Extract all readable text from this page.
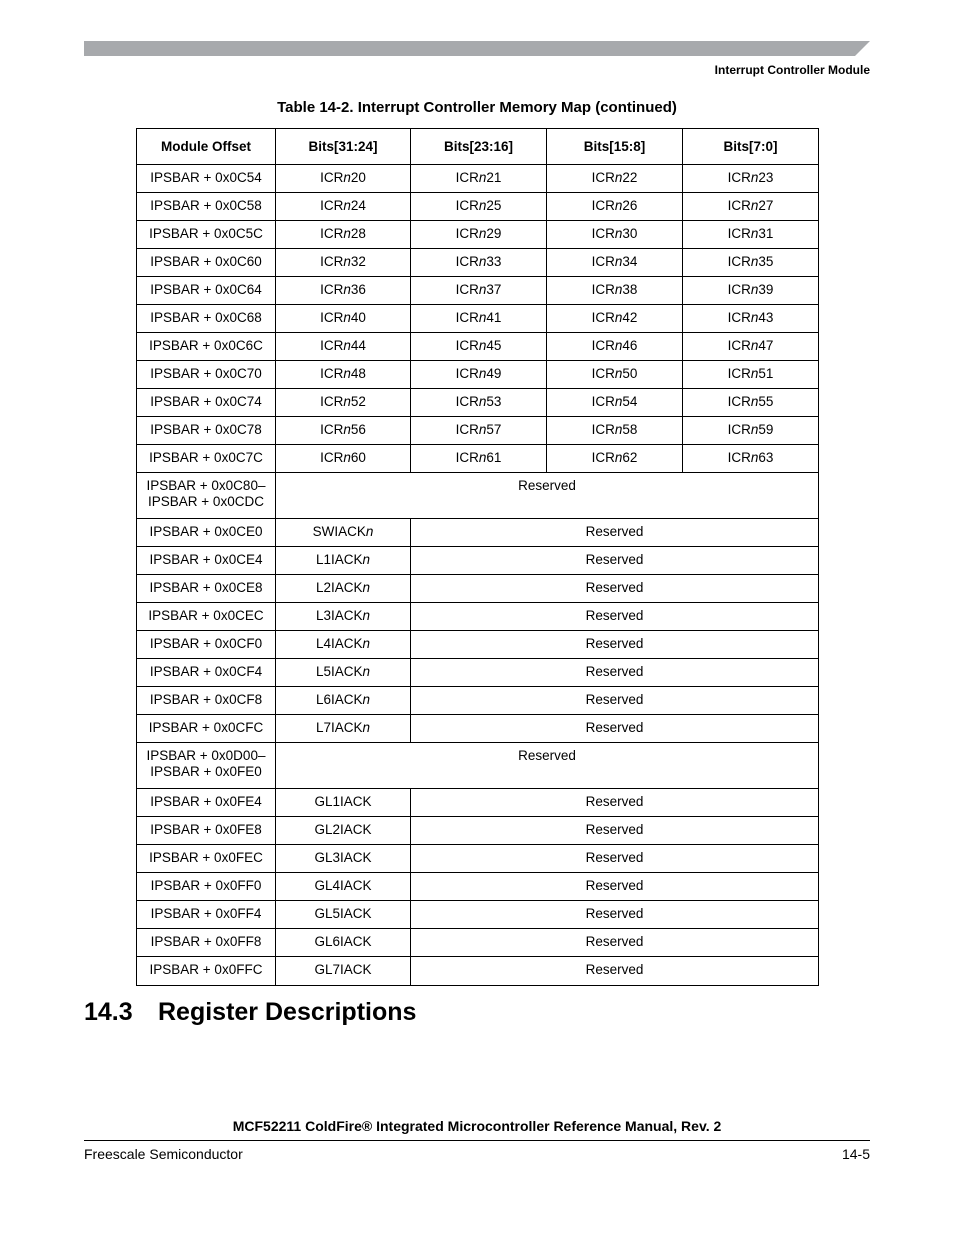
Interrupt Controller Module
Table 14-2. Interrupt Controller Memory Map (continued)
Module Offset	Bits[31:24]	Bits[23:16]	Bits[15:8]	Bits[7:0]
IPSBAR + 0x0C54	ICRn20	ICRn21	ICRn22	ICRn23
IPSBAR + 0x0C58	ICRn24	ICRn25	ICRn26	ICRn27
IPSBAR + 0x0C5C	ICRn28	ICRn29	ICRn30	ICRn31
IPSBAR + 0x0C60	ICRn32	ICRn33	ICRn34	ICRn35
IPSBAR + 0x0C64	ICRn36	ICRn37	ICRn38	ICRn39
IPSBAR + 0x0C68	ICRn40	ICRn41	ICRn42	ICRn43
IPSBAR + 0x0C6C	ICRn44	ICRn45	ICRn46	ICRn47
IPSBAR + 0x0C70	ICRn48	ICRn49	ICRn50	ICRn51
IPSBAR + 0x0C74	ICRn52	ICRn53	ICRn54	ICRn55
IPSBAR + 0x0C78	ICRn56	ICRn57	ICRn58	ICRn59
IPSBAR + 0x0C7C	ICRn60	ICRn61	ICRn62	ICRn63
IPSBAR + 0x0C80–
IPSBAR + 0x0CDC	Reserved			
IPSBAR + 0x0CE0	SWIACKn	Reserved		
IPSBAR + 0x0CE4	L1IACKn	Reserved		
IPSBAR + 0x0CE8	L2IACKn	Reserved		
IPSBAR + 0x0CEC	L3IACKn	Reserved		
IPSBAR + 0x0CF0	L4IACKn	Reserved		
IPSBAR + 0x0CF4	L5IACKn	Reserved		
IPSBAR + 0x0CF8	L6IACKn	Reserved		
IPSBAR + 0x0CFC	L7IACKn	Reserved		
IPSBAR + 0x0D00–
IPSBAR + 0x0FE0	Reserved			
IPSBAR + 0x0FE4	GL1IACK	Reserved		
IPSBAR + 0x0FE8	GL2IACK	Reserved		
IPSBAR + 0x0FEC	GL3IACK	Reserved		
IPSBAR + 0x0FF0	GL4IACK	Reserved		
IPSBAR + 0x0FF4	GL5IACK	Reserved		
IPSBAR + 0x0FF8	GL6IACK	Reserved		
IPSBAR + 0x0FFC	GL7IACK	Reserved		
14.3 Register Descriptions
MCF52211 ColdFire® Integrated Microcontroller Reference Manual, Rev. 2
Freescale Semiconductor	14-5
